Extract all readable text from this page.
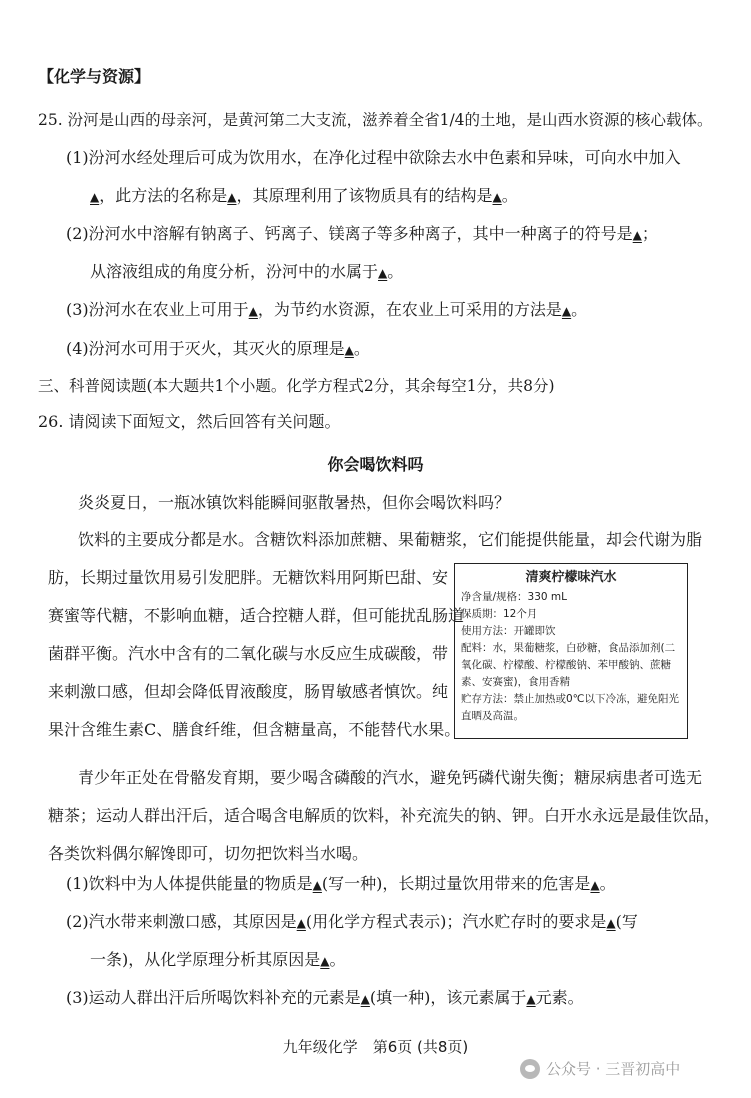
【化学与资源】
25. 汾河是山西的母亲河，是黄河第二大支流，滋养着全省1/4的土地，是山西水资源的核心载体。
(1)汾河水经处理后可成为饮用水，在净化过程中欲除去水中色素和异味，可向水中加入
▲，此方法的名称是▲，其原理利用了该物质具有的结构是▲。
(2)汾河水中溶解有钠离子、钙离子、镁离子等多种离子，其中一种离子的符号是▲；
从溶液组成的角度分析，汾河中的水属于▲。
(3)汾河水在农业上可用于▲，为节约水资源，在农业上可采用的方法是▲。
(4)汾河水可用于灭火，其灭火的原理是▲。
三、科普阅读题(本大题共1个小题。化学方程式2分，其余每空1分，共8分)
26. 请阅读下面短文，然后回答有关问题。
你会喝饮料吗
炎炎夏日，一瓶冰镇饮料能瞬间驱散暑热，但你会喝饮料吗？
饮料的主要成分都是水。含糖饮料添加蔗糖、果葡糖浆，它们能提供能量，却会代谢为脂
肪，长期过量饮用易引发肥胖。无糖饮料用阿斯巴甜、安
赛蜜等代糖，不影响血糖，适合控糖人群，但可能扰乱肠道
菌群平衡。汽水中含有的二氧化碳与水反应生成碳酸，带
来刺激口感，但却会降低胃液酸度，肠胃敏感者慎饮。纯
果汁含维生素C、膳食纤维，但含糖量高，不能替代水果。
清爽柠檬味汽水
净含量/规格：330 mL
保质期：12个月
使用方法：开罐即饮
配料：水，果葡糖浆，白砂糖，食品添加剂(二氧化碳、柠檬酸、柠檬酸钠、苯甲酸钠、蔗糖素、安赛蜜)，食用香精
贮存方法：禁止加热或0℃以下冷冻，避免阳光直晒及高温。
青少年正处在骨骼发育期，要少喝含磷酸的汽水，避免钙磷代谢失衡；糖尿病患者可选无
糖茶；运动人群出汗后，适合喝含电解质的饮料，补充流失的钠、钾。白开水永远是最佳饮品，
各类饮料偶尔解馋即可，切勿把饮料当水喝。
(1)饮料中为人体提供能量的物质是▲(写一种)，长期过量饮用带来的危害是▲。
(2)汽水带来刺激口感，其原因是▲(用化学方程式表示)；汽水贮存时的要求是▲(写
一条)，从化学原理分析其原因是▲。
(3)运动人群出汗后所喝饮料补充的元素是▲(填一种)，该元素属于▲元素。
九年级化学　第6页 (共8页)
公众号 · 三晋初高中
